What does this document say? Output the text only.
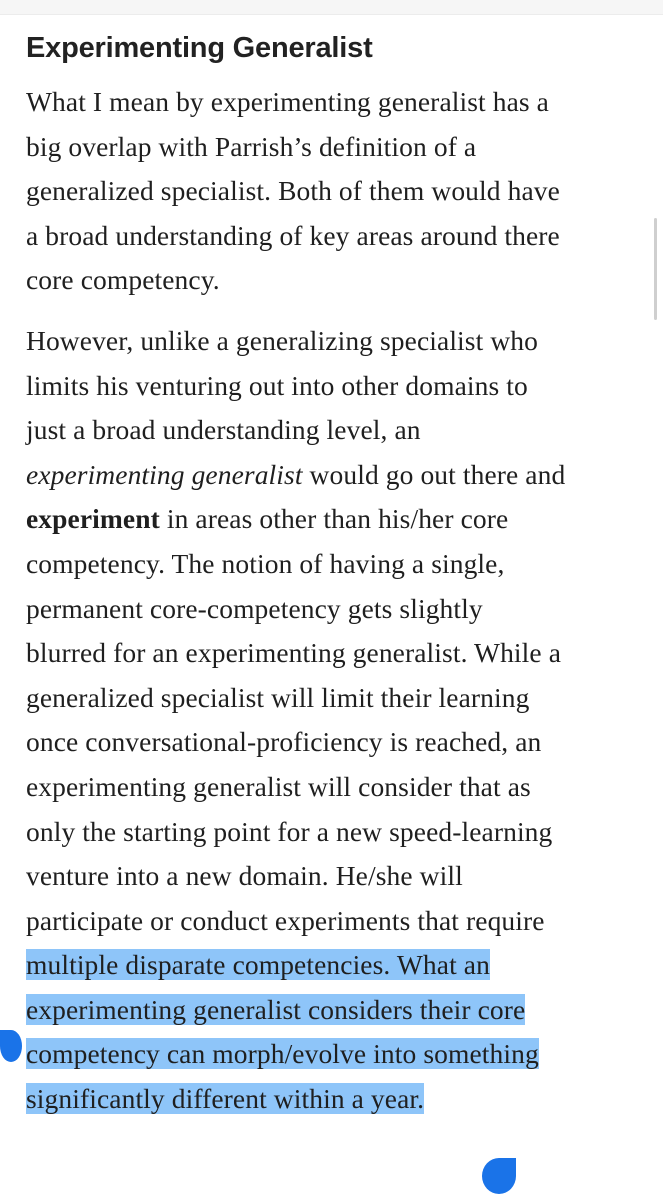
Experimenting Generalist

What I mean by experimenting generalist has a
big overlap with Parrish’s definition of a
generalized specialist. Both of them would have
a broad understanding of key areas around there
core competency.

However, unlike a generalizing specialist who
limits his venturing out into other domains to
just a broad understanding level, an
experimenting generalist would go out there and
experiment in areas other than his/her core
competency. The notion of having a single,
permanent core-competency gets slightly
blurred for an experimenting generalist. While a
generalized specialist will limit their learning
once conversational-proficiency is reached, an
experimenting generalist will consider that as
only the starting point for a new speed-learning
venture into a new domain. He/she will
participate or conduct experiments that require
multiple disparate competencies. What an
experimenting generalist considers their core
competency can morph/evolve into something
significantly different within a year.
